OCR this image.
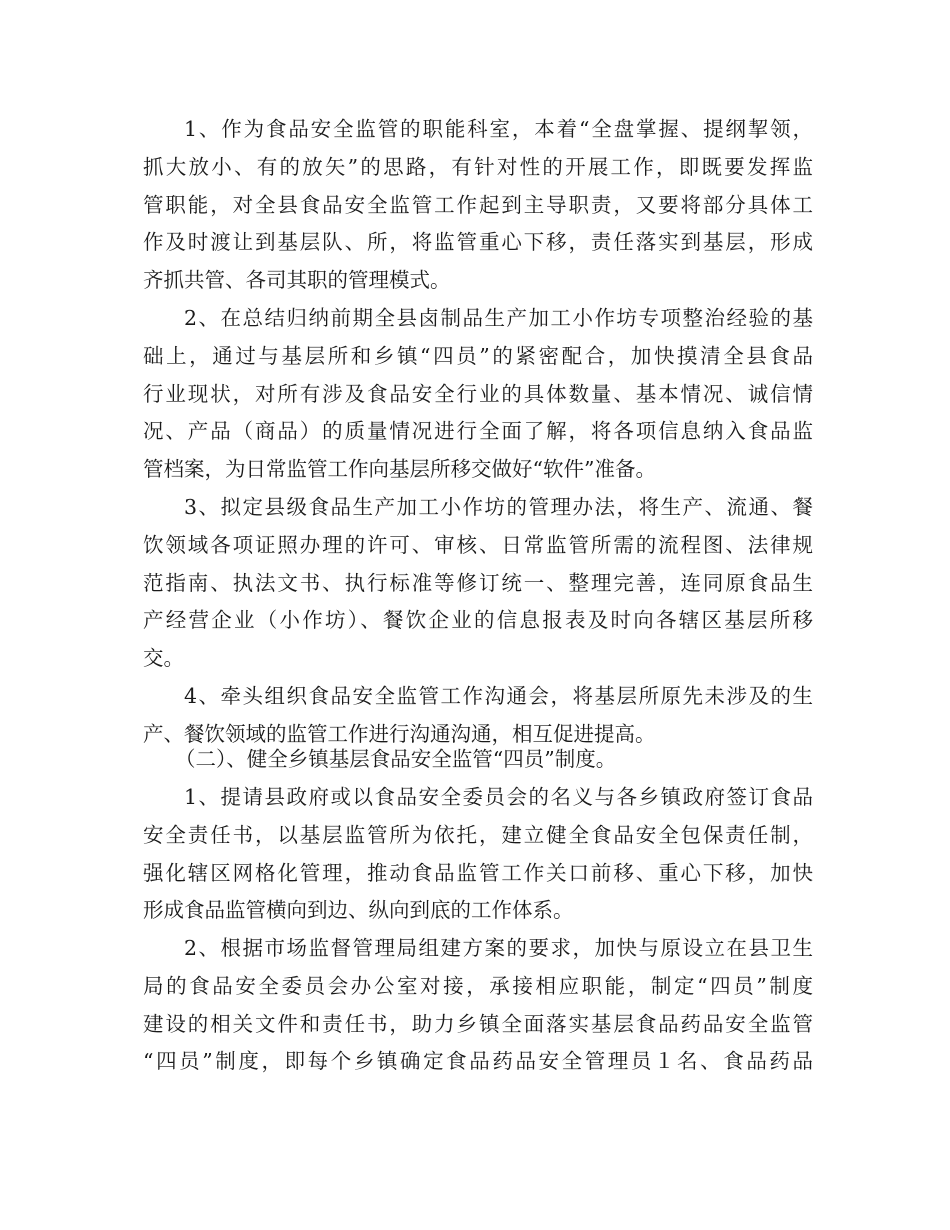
1、作为食品安全监管的职能科室，本着“全盘掌握、提纲挈领，
抓大放小、有的放矢”的思路，有针对性的开展工作，即既要发挥监
管职能，对全县食品安全监管工作起到主导职责，又要将部分具体工
作及时渡让到基层队、所，将监管重心下移，责任落实到基层，形成
齐抓共管、各司其职的管理模式。

2、在总结归纳前期全县卤制品生产加工小作坊专项整治经验的基
础上，通过与基层所和乡镇“四员”的紧密配合，加快摸清全县食品
行业现状，对所有涉及食品安全行业的具体数量、基本情况、诚信情
况、产品（商品）的质量情况进行全面了解，将各项信息纳入食品监
管档案，为日常监管工作向基层所移交做好“软件”准备。

3、拟定县级食品生产加工小作坊的管理办法，将生产、流通、餐
饮领域各项证照办理的许可、审核、日常监管所需的流程图、法律规
范指南、执法文书、执行标准等修订统一、整理完善，连同原食品生
产经营企业（小作坊）、餐饮企业的信息报表及时向各辖区基层所移
交。

4、牵头组织食品安全监管工作沟通会，将基层所原先未涉及的生
产、餐饮领域的监管工作进行沟通沟通，相互促进提高。

（二）、健全乡镇基层食品安全监管“四员”制度。

1、提请县政府或以食品安全委员会的名义与各乡镇政府签订食品
安全责任书，以基层监管所为依托，建立健全食品安全包保责任制，
强化辖区网格化管理，推动食品监管工作关口前移、重心下移，加快
形成食品监管横向到边、纵向到底的工作体系。

2、根据市场监督管理局组建方案的要求，加快与原设立在县卫生
局的食品安全委员会办公室对接，承接相应职能，制定“四员”制度
建设的相关文件和责任书，助力乡镇全面落实基层食品药品安全监管
“四员”制度，即每个乡镇确定食品药品安全管理员１名、食品药品
